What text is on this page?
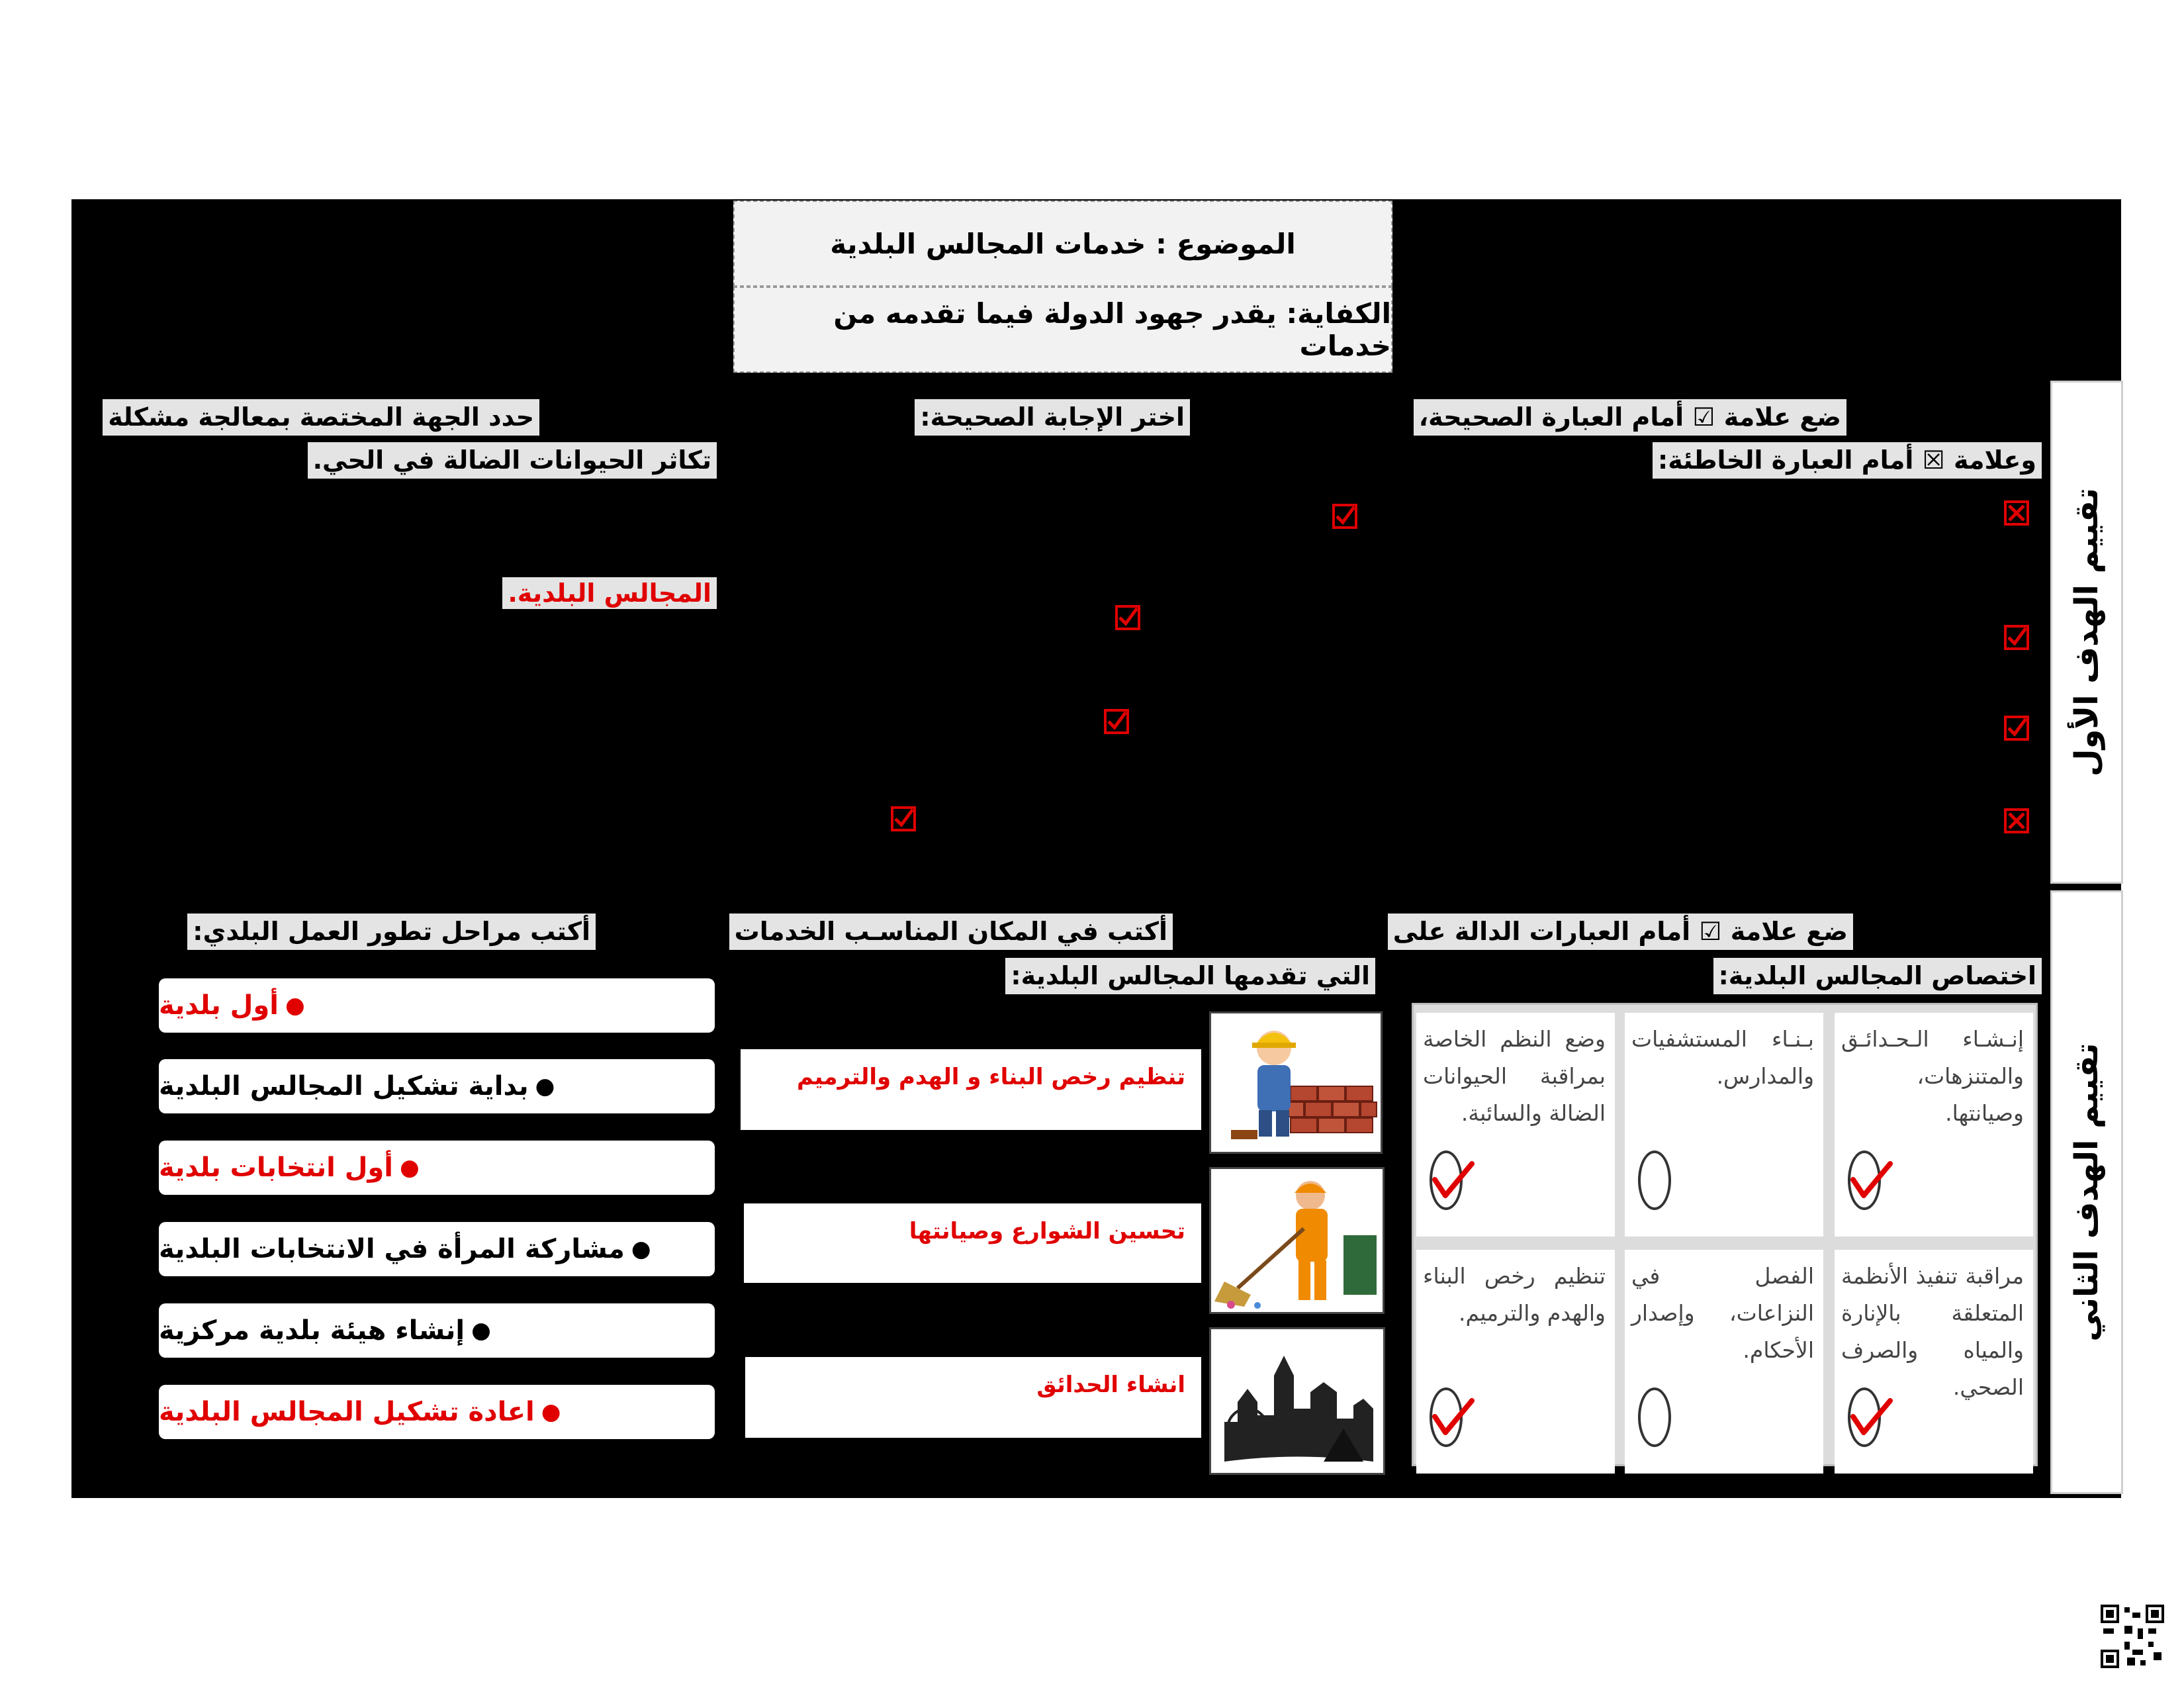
الموضوع : خدمات المجالس البلدية
الكفاية: يقدر جهود الدولة فيما تقدمه من خدمات
تقييم الهدف الأول
تقييم الهدف الثاني
ضع علامة ☑ أمام العبارة الصحيحة،
وعلامة ☒ أمام العبارة الخاطئة:
اختر الإجابة الصحيحة:
حدد الجهة المختصة بمعالجة مشكلة
تكاثر الحيوانات الضالة في الحي.
المجالس البلدية.
ضع علامة ☑ أمام العبارات الدالة على
اختصاص المجالس البلدية:
إنـشـاء الـحـدائـق والمتنزهات، وصيانتها.
بـنـاء المستشفيات والمدارس.
وضع النظم الخاصة بمراقبة الحيوانات الضالة والسائبة.
مراقبة تنفيذ الأنظمة المتعلقة بالإنارة والمياه والصرف الصحي.
الفصل في النزاعات، وإصدار الأحكام.
تنظيم رخص البناء والهدم والترميم.
أكتب في المكان المناسـب الخدمات
التي تقدمها المجالس البلدية:
تنظيم رخص البناء و الهدم والترميم
تحسين الشوارع وصيانتها
انشاء الحدائق
أكتب مراحل تطور العمل البلدي:
●
أول بلدية
●
بداية تشكيل المجالس البلدية
●
أول انتخابات بلدية
●
مشاركة المرأة في الانتخابات البلدية
●
إنشاء هيئة بلدية مركزية
●
اعادة تشكيل المجالس البلدية
